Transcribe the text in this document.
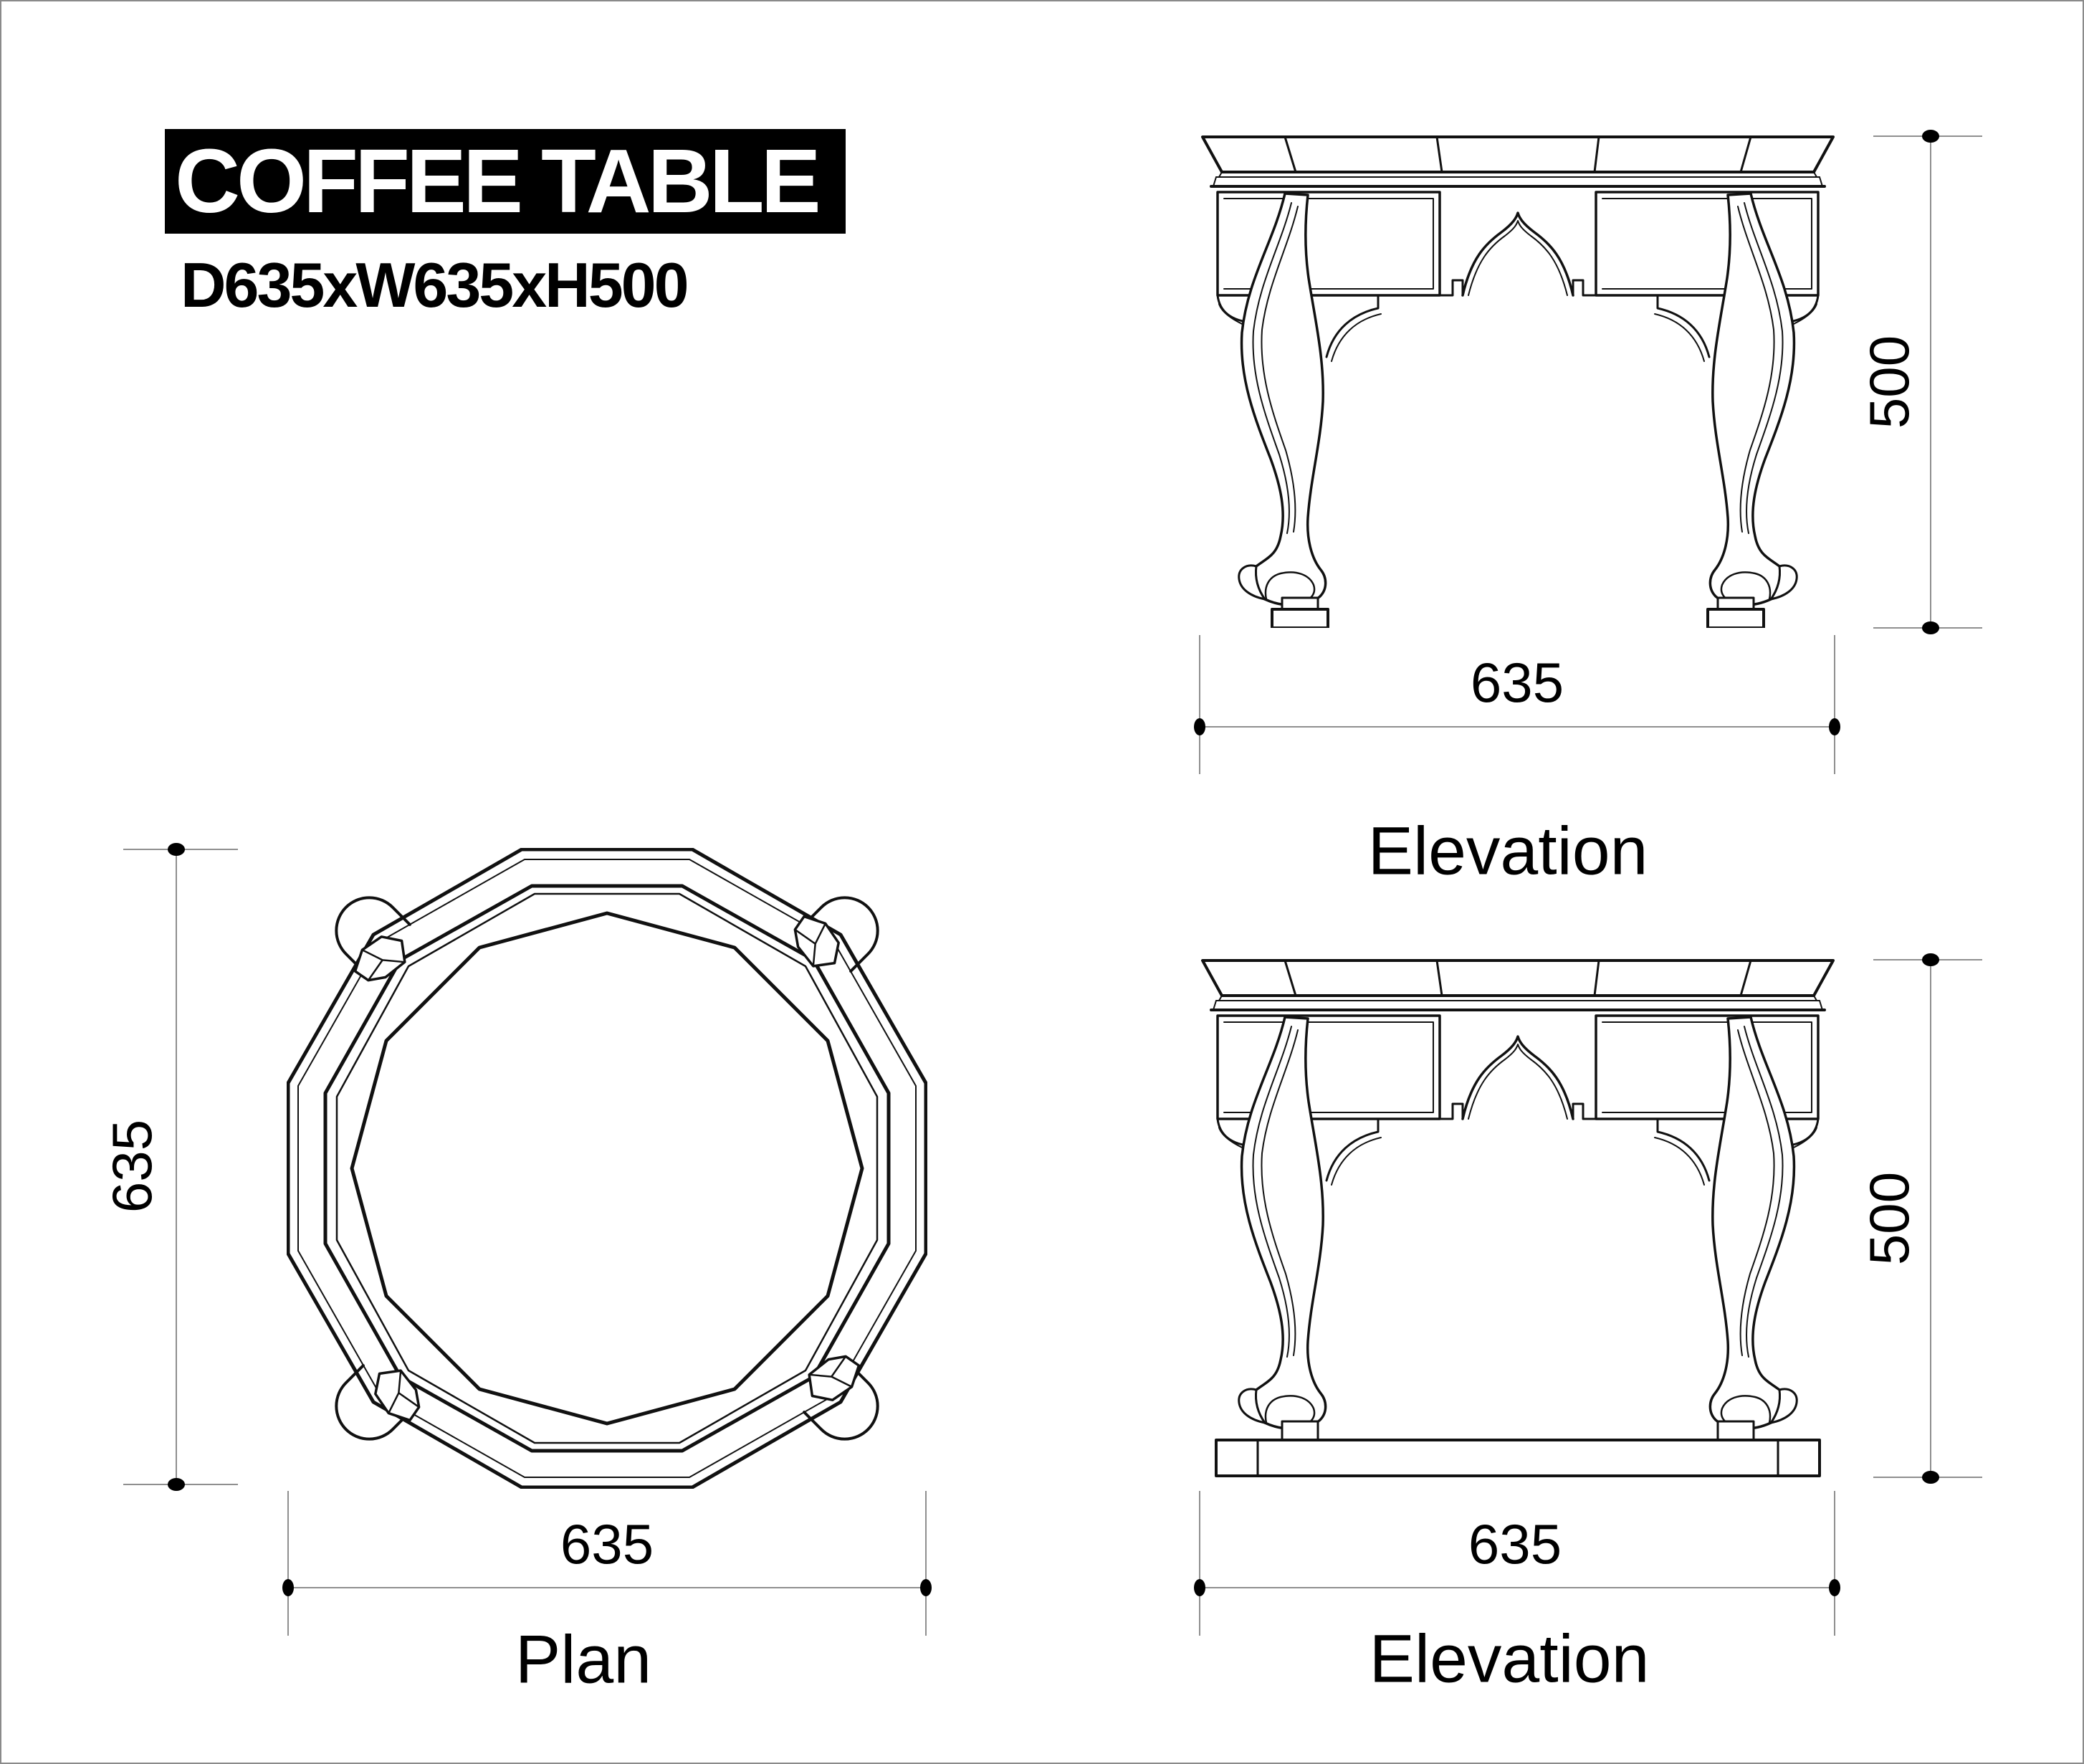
COFFEE TABLE
D635xW635xH500
635
500
Elevation
635
635
Plan
635
500
Elevation
